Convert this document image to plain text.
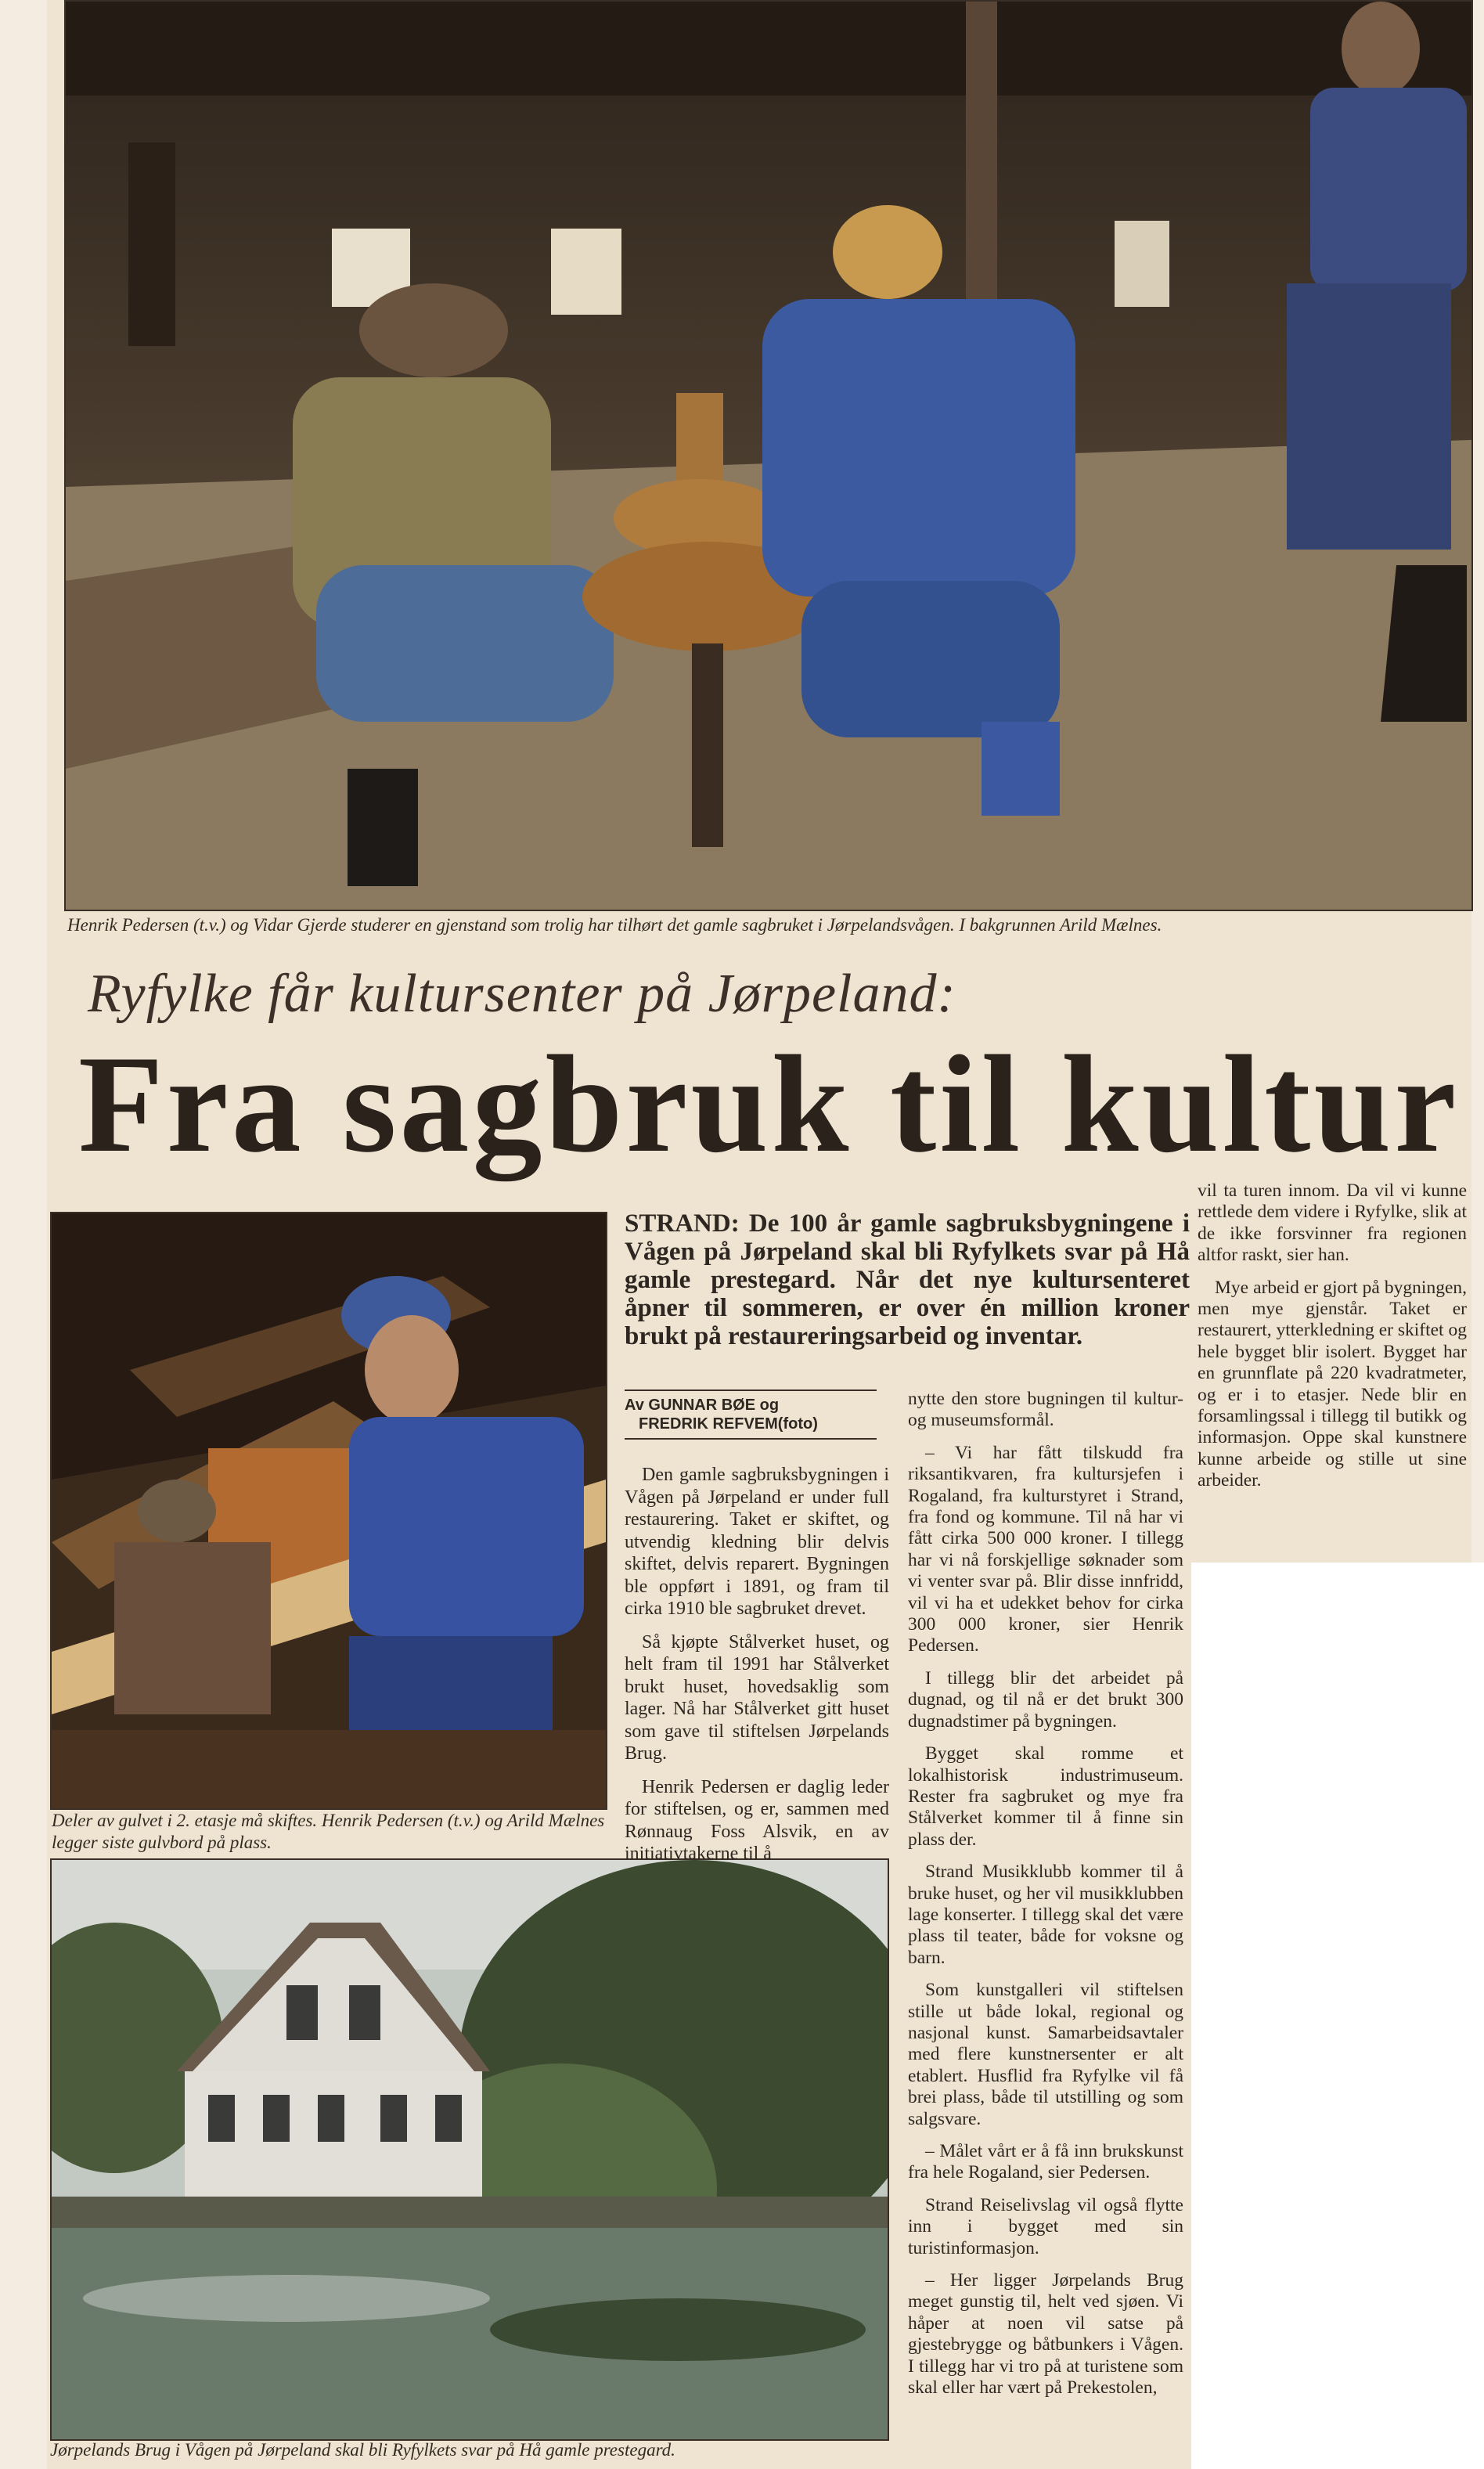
Henrik Pedersen (t.v.) og Vidar Gjerde studerer en gjenstand som trolig har tilhørt det gamle sagbruket i Jørpelandsvågen. I bakgrunnen Arild Mælnes.
Ryfylke får kultursenter på Jørpeland:
Fra sagbruk til kultur
Deler av gulvet i 2. etasje må skiftes. Henrik Pedersen (t.v.) og Arild Mælnes legger siste gulvbord på plass.
Jørpelands Brug i Vågen på Jørpeland skal bli Ryfylkets svar på Hå gamle prestegard.
STRAND: De 100 år gamle sagbruksbygningene i Vågen på Jørpeland skal bli Ryfylkets svar på Hå gamle prestegard. Når det nye kultursenteret åpner til sommeren, er over én million kroner brukt på restaureringsarbeid og inventar.
Av GUNNAR BØE og
FREDRIK REFVEM(foto)

Den gamle sagbruksbygningen i Vågen på Jørpeland er under full restaurering. Taket er skiftet, og utvendig kledning blir delvis skiftet, delvis reparert. Bygningen ble oppført i 1891, og fram til cirka 1910 ble sagbruket drevet.

Så kjøpte Stålverket huset, og helt fram til 1991 har Stålverket brukt huset, hovedsaklig som lager. Nå har Stålverket gitt huset som gave til stiftelsen Jørpelands Brug.

Henrik Pedersen er daglig leder for stiftelsen, og er, sammen med Rønnaug Foss Alsvik, en av initiativtakerne til å

nytte den store bugningen til kultur- og museumsformål.

– Vi har fått tilskudd fra riksantikvaren, fra kultursjefen i Rogaland, fra kulturstyret i Strand, fra fond og kommune. Til nå har vi fått cirka 500 000 kroner. I tillegg har vi nå forskjellige søknader som vi venter svar på. Blir disse innfridd, vil vi ha et udekket behov for cirka 300 000 kroner, sier Henrik Pedersen.

I tillegg blir det arbeidet på dugnad, og til nå er det brukt 300 dugnadstimer på bygningen.

Bygget skal romme et lokalhistorisk industrimuseum. Rester fra sagbruket og mye fra Stålverket kommer til å finne sin plass der.

Strand Musikklubb kommer til å bruke huset, og her vil musikklubben lage konserter. I tillegg skal det være plass til teater, både for voksne og barn.

Som kunstgalleri vil stiftelsen stille ut både lokal, regional og nasjonal kunst. Samarbeidsavtaler med flere kunstnersenter er alt etablert. Husflid fra Ryfylke vil få brei plass, både til utstilling og som salgsvare.

– Målet vårt er å få inn brukskunst fra hele Rogaland, sier Pedersen.

Strand Reiselivslag vil også flytte inn i bygget med sin turistinformasjon.

– Her ligger Jørpelands Brug meget gunstig til, helt ved sjøen. Vi håper at noen vil satse på gjestebrygge og båtbunkers i Vågen. I tillegg har vi tro på at turistene som skal eller har vært på Prekestolen,

vil ta turen innom. Da vil vi kunne rettlede dem videre i Ryfylke, slik at de ikke forsvinner fra regionen altfor raskt, sier han.

Mye arbeid er gjort på bygningen, men mye gjenstår. Taket er restaurert, ytterkledning er skiftet og hele bygget blir isolert. Bygget har en grunnflate på 220 kvadratmeter, og er i to etasjer. Nede blir en forsamlingssal i tillegg til butikk og informasjon. Oppe skal kunstnere kunne arbeide og stille ut sine arbeider.
